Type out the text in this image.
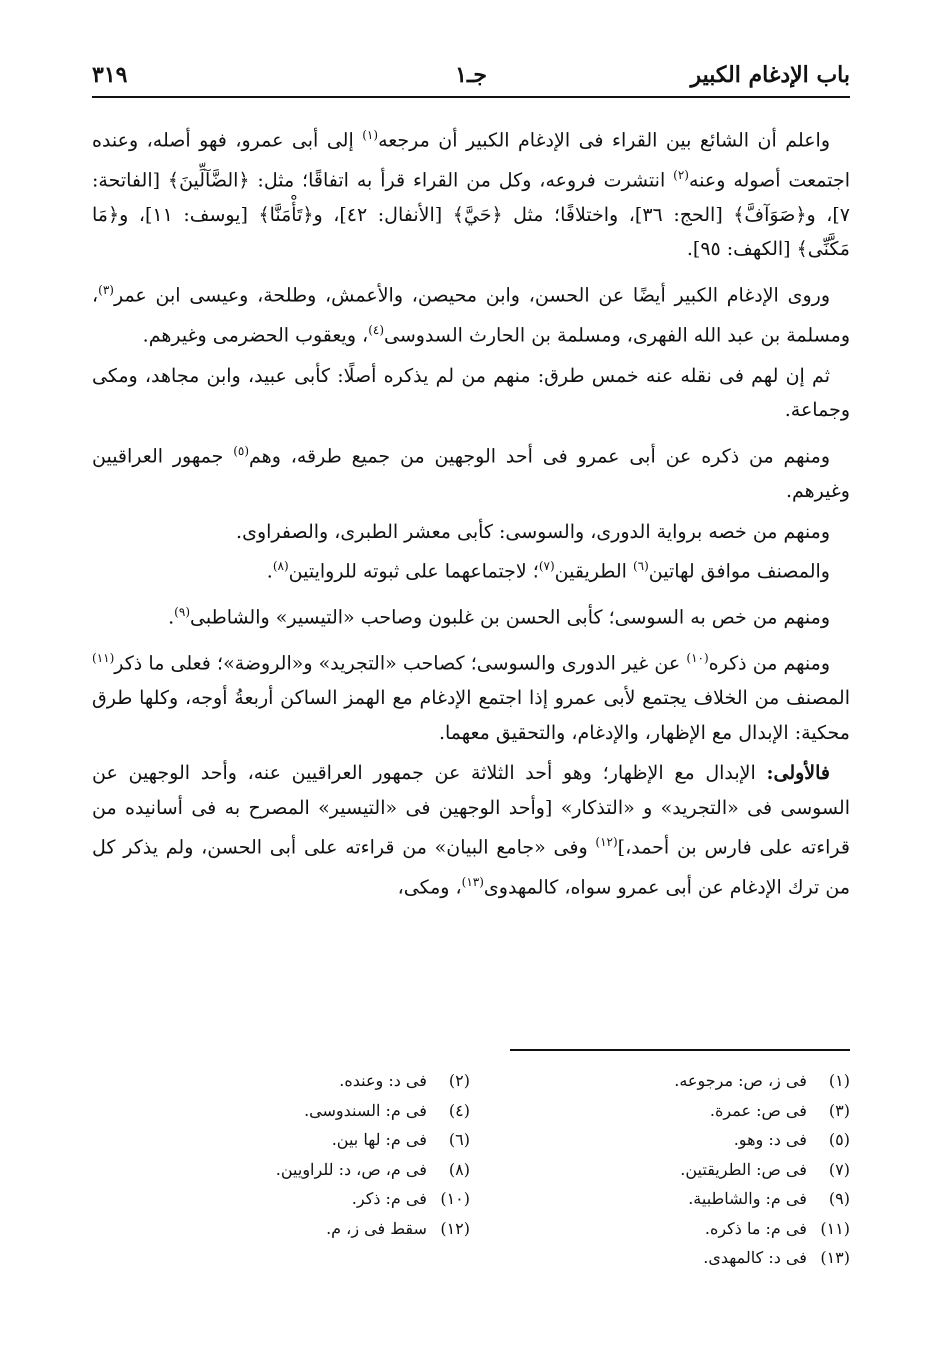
باب الإدغام الكبير
جـ١
٣١٩

واعلم أن الشائع بين القراء فى الإدغام الكبير أن مرجعه$^{(١)}$ إلى أبى عمرو، فهو أصله، وعنده اجتمعت أصوله وعنه$^{(٢)}$ انتشرت فروعه، وكل من القراء قرأ به اتفاقًا؛ مثل: ﴿الضَّآلِّينَ﴾ [الفاتحة: ٧]، و﴿صَوَآفَّ﴾ [الحج: ٣٦]، واختلافًا؛ مثل ﴿حَيَّ﴾ [الأنفال: ٤٢]، و﴿تَأْمَنَّا﴾ [يوسف: ١١]، و﴿مَا مَكَّنِّى﴾ [الكهف: ٩٥].

وروى الإدغام الكبير أيضًا عن الحسن، وابن محيصن، والأعمش، وطلحة، وعيسى ابن عمر$^{(٣)}$، ومسلمة بن عبد الله الفهرى، ومسلمة بن الحارث السدوسى$^{(٤)}$، ويعقوب الحضرمى وغيرهم.

ثم إن لهم فى نقله عنه خمس طرق: منهم من لم يذكره أصلًا: كأبى عبيد، وابن مجاهد، ومكى وجماعة.

ومنهم من ذكره عن أبى عمرو فى أحد الوجهين من جميع طرقه، وهم$^{(٥)}$ جمهور العراقيين وغيرهم.

ومنهم من خصه برواية الدورى، والسوسى: كأبى معشر الطبرى، والصفراوى.

والمصنف موافق لهاتين$^{(٦)}$ الطريقين$^{(٧)}$؛ لاجتماعهما على ثبوته للروايتين$^{(٨)}$.

ومنهم من خص به السوسى؛ كأبى الحسن بن غلبون وصاحب «التيسير» والشاطبى$^{(٩)}$.

ومنهم من ذكره$^{(١٠)}$ عن غير الدورى والسوسى؛ كصاحب «التجريد» و«الروضة»؛ فعلى ما ذكر$^{(١١)}$ المصنف من الخلاف يجتمع لأبى عمرو إذا اجتمع الإدغام مع الهمز الساكن أربعةُ أوجه، وكلها طرق محكية: الإبدال مع الإظهار، والإدغام، والتحقيق معهما.

فالأولى: الإبدال مع الإظهار؛ وهو أحد الثلاثة عن جمهور العراقيين عنه، وأحد الوجهين عن السوسى فى «التجريد» و «التذكار» [وأحد الوجهين فى «التيسير» المصرح به فى أسانيده من قراءته على فارس بن أحمد،]$^{(١٢)}$ وفى «جامع البيان» من قراءته على أبى الحسن، ولم يذكر كل من ترك الإدغام عن أبى عمرو سواه، كالمهدوى$^{(١٣)}$، ومكى،

(١) فى ز، ص: مرجوعه.
(٣) فى ص: عمرة.
(٥) فى د: وهو.
(٧) فى ص: الطريقتين.
(٩) فى م: والشاطبية.
(١١) فى م: ما ذكره.
(١٣) فى د: كالمهدى.
(٢) فى د: وعنده.
(٤) فى م: السندوسى.
(٦) فى م: لها بين.
(٨) فى م، ص، د: للراويين.
(١٠) فى م: ذكر.
(١٢) سقط فى ز، م.
